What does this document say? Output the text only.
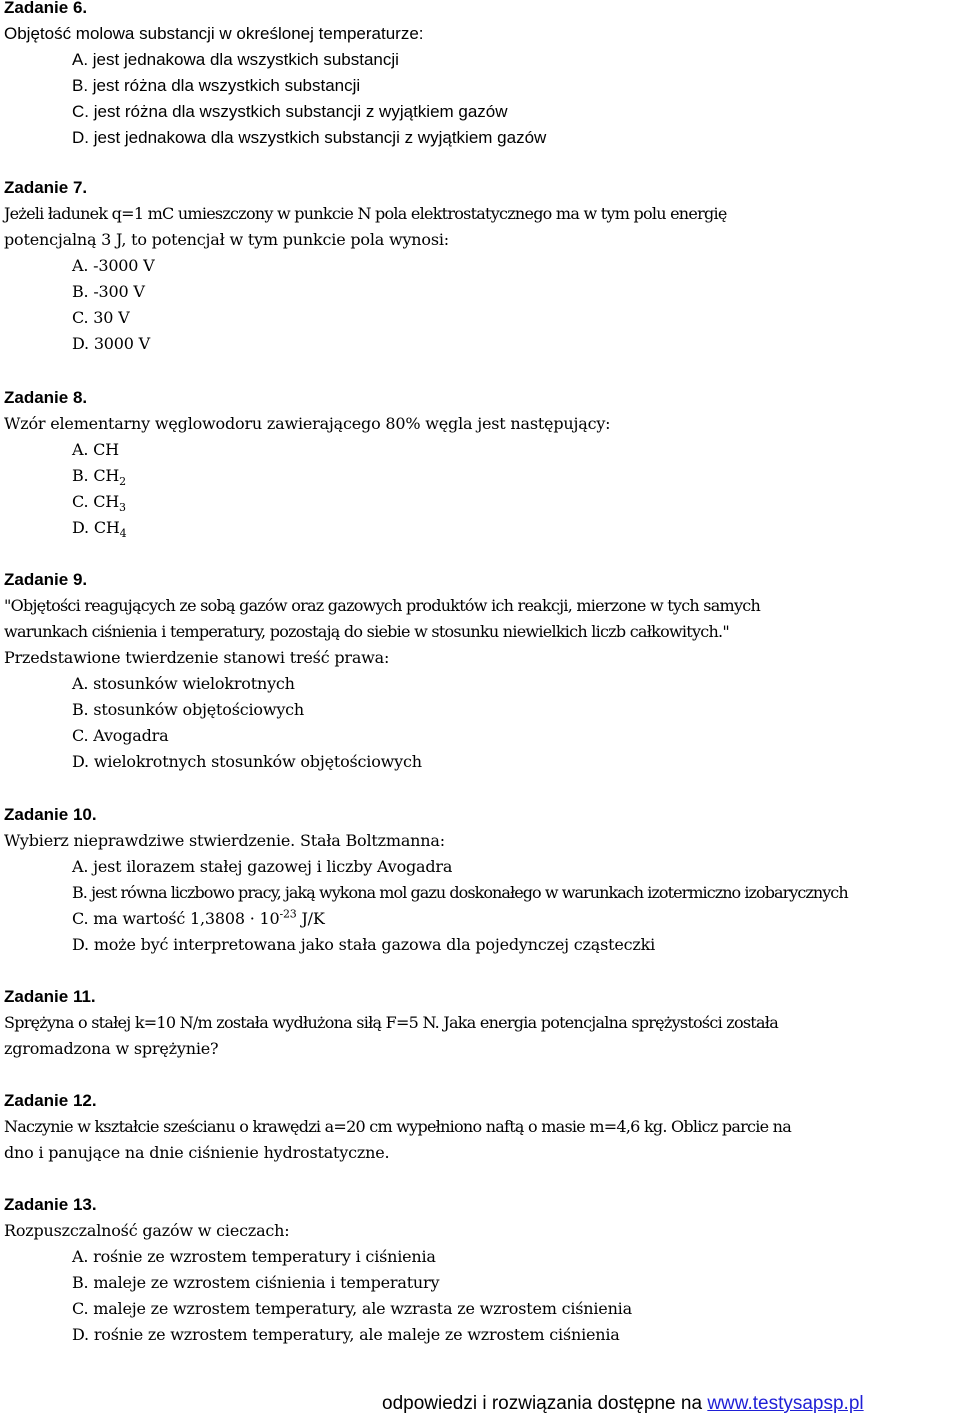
Zadanie 6.
Objętość molowa substancji w określonej temperaturze:
A. jest jednakowa dla wszystkich substancji
B. jest różna dla wszystkich substancji
C. jest różna dla wszystkich substancji z wyjątkiem gazów
D. jest jednakowa dla wszystkich substancji z wyjątkiem gazów
Zadanie 7.
Jeżeli ładunek q=1 mC umieszczony w punkcie N pola elektrostatycznego ma w tym polu energię
potencjalną 3 J, to potencjał w tym punkcie pola wynosi:
A. -3000 V
B. -300 V
C. 30 V
D. 3000 V
Zadanie 8.
Wzór elementarny węglowodoru zawierającego 80% węgla jest następujący:
A. CH
B. $CH_2$
C. $CH_3$
D. $CH_4$
Zadanie 9.
"Objętości reagujących ze sobą gazów oraz gazowych produktów ich reakcji, mierzone w tych samych
warunkach ciśnienia i temperatury, pozostają do siebie w stosunku niewielkich liczb całkowitych."
Przedstawione twierdzenie stanowi treść prawa:
A. stosunków wielokrotnych
B. stosunków objętościowych
C. Avogadra
D. wielokrotnych stosunków objętościowych
Zadanie 10.
Wybierz nieprawdziwe stwierdzenie. Stała Boltzmanna:
A. jest ilorazem stałej gazowej i liczby Avogadra
B. jest równa liczbowo pracy, jaką wykona mol gazu doskonałego w warunkach izotermiczno izobarycznych
C. ma wartość $1,3808 \cdot 10^{-23}$ J/K
D. może być interpretowana jako stała gazowa dla pojedynczej cząsteczki
Zadanie 11.
Sprężyna o stałej k=10 N/m została wydłużona siłą F=5 N. Jaka energia potencjalna sprężystości została
zgromadzona w sprężynie?
Zadanie 12.
Naczynie w kształcie sześcianu o krawędzi a=20 cm wypełniono naftą o masie m=4,6 kg. Oblicz parcie na
dno i panujące na dnie ciśnienie hydrostatyczne.
Zadanie 13.
Rozpuszczalność gazów w cieczach:
A. rośnie ze wzrostem temperatury i ciśnienia
B. maleje ze wzrostem ciśnienia i temperatury
C. maleje ze wzrostem temperatury, ale wzrasta ze wzrostem ciśnienia
D. rośnie ze wzrostem temperatury, ale maleje ze wzrostem ciśnienia
odpowiedzi i rozwiązania dostępne na www.testysapsp.pl
